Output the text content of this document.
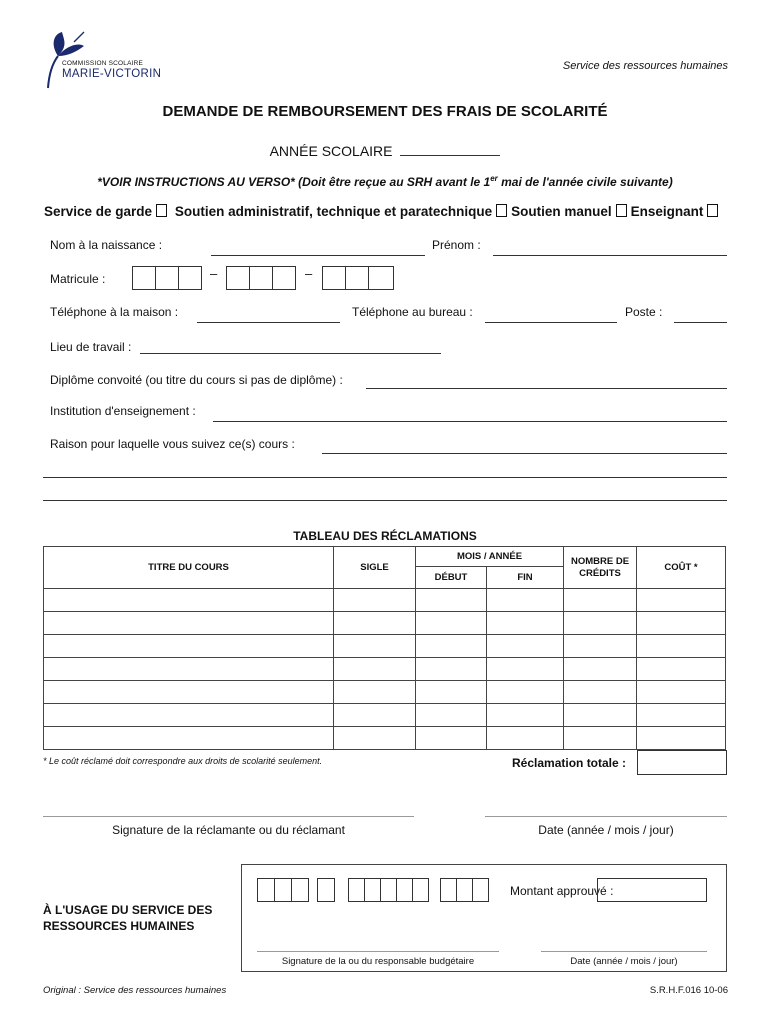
COMMISSION SCOLAIRE
MARIE-VICTORIN
Service des ressources humaines
DEMANDE DE REMBOURSEMENT DES FRAIS DE SCOLARITÉ
ANNÉE SCOLAIRE
*VOIR INSTRUCTIONS AU VERSO* (Doit être reçue au SRH avant le 1er mai de l'année civile suivante)
Service de garde Soutien administratif, technique et paratechnique Soutien manuel Enseignant
Nom à la naissance :	Prénom :
Matricule :	–	–
Téléphone à la maison :	Téléphone au bureau :	Poste :
Lieu de travail :
Diplôme convoité (ou titre du cours si pas de diplôme) :
Institution d'enseignement :
Raison pour laquelle vous suivez ce(s) cours :
TABLEAU DES RÉCLAMATIONS
TITRE DU COURS	SIGLE	MOIS / ANNÉE		NOMBRE DE CRÉDITS	COÛT *
		DÉBUT	FIN		

* Le coût réclamé doit correspondre aux droits de scolarité seulement.	Réclamation totale :
Signature de la réclamante ou du réclamant	Date (année / mois / jour)
À L'USAGE DU SERVICE DES
RESSOURCES HUMAINES
Montant approuvé :
Signature de la ou du responsable budgétaire	Date (année / mois / jour)
Original : Service des ressources humaines	S.R.H.F.016 10-06
